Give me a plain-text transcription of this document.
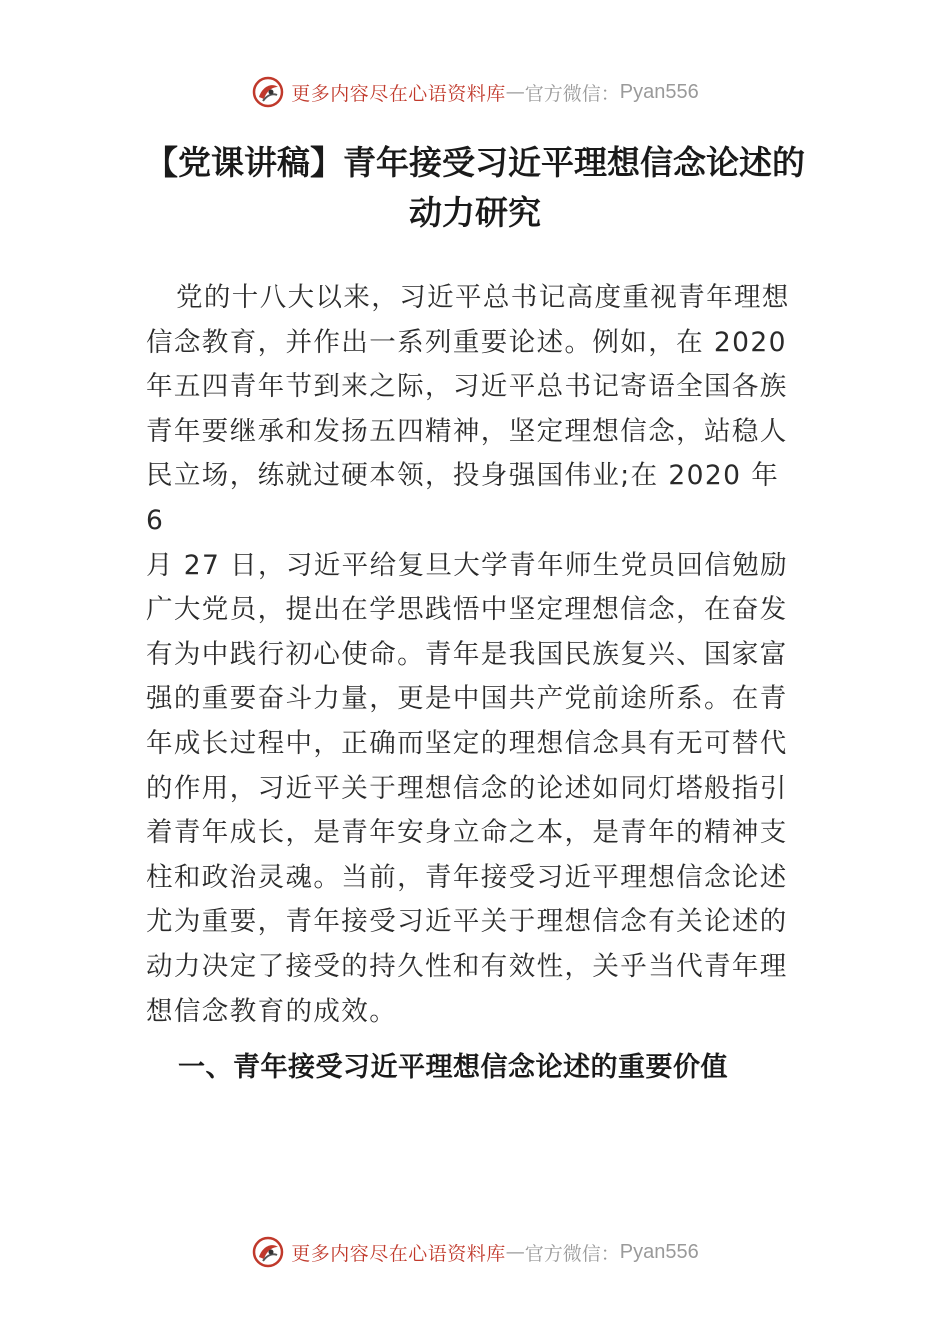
更多内容尽在心语资料库 — 官方微信： Pyan556
【党课讲稿】青年接受习近平理想信念论述的
动力研究

党的十八大以来，习近平总书记高度重视青年理想

信念教育，并作出一系列重要论述。例如，在 2020

年五四青年节到来之际，习近平总书记寄语全国各族

青年要继承和发扬五四精神，坚定理想信念，站稳人

民立场，练就过硬本领，投身强国伟业;在 2020 年

6

月 27 日，习近平给复旦大学青年师生党员回信勉励

广大党员，提出在学思践悟中坚定理想信念，在奋发

有为中践行初心使命。青年是我国民族复兴、国家富

强的重要奋斗力量，更是中国共产党前途所系。在青

年成长过程中，正确而坚定的理想信念具有无可替代

的作用，习近平关于理想信念的论述如同灯塔般指引

着青年成长，是青年安身立命之本，是青年的精神支

柱和政治灵魂。当前，青年接受习近平理想信念论述

尤为重要，青年接受习近平关于理想信念有关论述的

动力决定了接受的持久性和有效性，关乎当代青年理

想信念教育的成效。

一、青年接受习近平理想信念论述的重要价值
更多内容尽在心语资料库 — 官方微信： Pyan556
